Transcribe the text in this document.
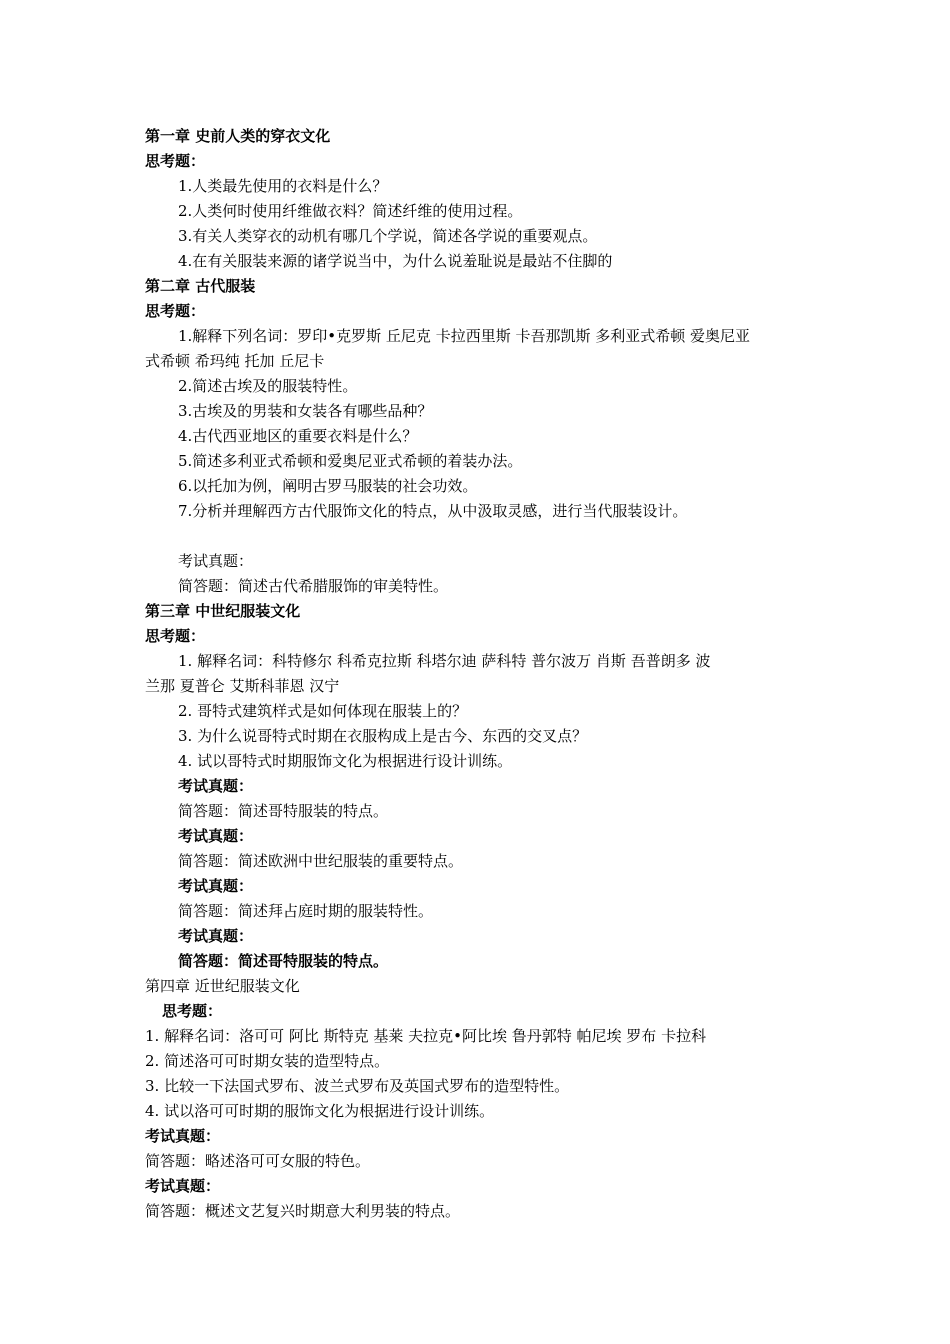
第一章 史前人类的穿衣文化
思考题：
1.人类最先使用的衣料是什么？
2.人类何时使用纤维做衣料？简述纤维的使用过程。
3.有关人类穿衣的动机有哪几个学说，简述各学说的重要观点。
4.在有关服装来源的诸学说当中，为什么说羞耻说是最站不住脚的
第二章 古代服装
思考题：
1.解释下列名词：罗印•克罗斯 丘尼克 卡拉西里斯 卡吾那凯斯 多利亚式希顿 爱奥尼亚
式希顿 希玛纯 托加 丘尼卡
2.简述古埃及的服装特性。
3.古埃及的男装和女装各有哪些品种？
4.古代西亚地区的重要衣料是什么？
5.简述多利亚式希顿和爱奥尼亚式希顿的着装办法。
6.以托加为例，阐明古罗马服装的社会功效。
7.分析并理解西方古代服饰文化的特点，从中汲取灵感，进行当代服装设计。
考试真题：
简答题：简述古代希腊服饰的审美特性。
第三章 中世纪服装文化
思考题：
1. 解释名词：科特修尔 科希克拉斯 科塔尔迪 萨科特 普尔波万 肖斯 吾普朗多 波
兰那 夏普仑 艾斯科菲恩 汉宁
2. 哥特式建筑样式是如何体现在服装上的？
3. 为什么说哥特式时期在衣服构成上是古今、东西的交叉点？
4. 试以哥特式时期服饰文化为根据进行设计训练。
考试真题：
简答题：简述哥特服装的特点。
考试真题：
简答题：简述欧洲中世纪服装的重要特点。
考试真题：
简答题：简述拜占庭时期的服装特性。
考试真题：
简答题：简述哥特服装的特点。
第四章 近世纪服装文化
思考题：
1. 解释名词：洛可可 阿比 斯特克 基莱 夫拉克•阿比埃 鲁丹郭特 帕尼埃 罗布 卡拉科
2. 简述洛可可时期女装的造型特点。
3. 比较一下法国式罗布、波兰式罗布及英国式罗布的造型特性。
4. 试以洛可可时期的服饰文化为根据进行设计训练。
考试真题：
简答题：略述洛可可女服的特色。
考试真题：
简答题：概述文艺复兴时期意大利男装的特点。
